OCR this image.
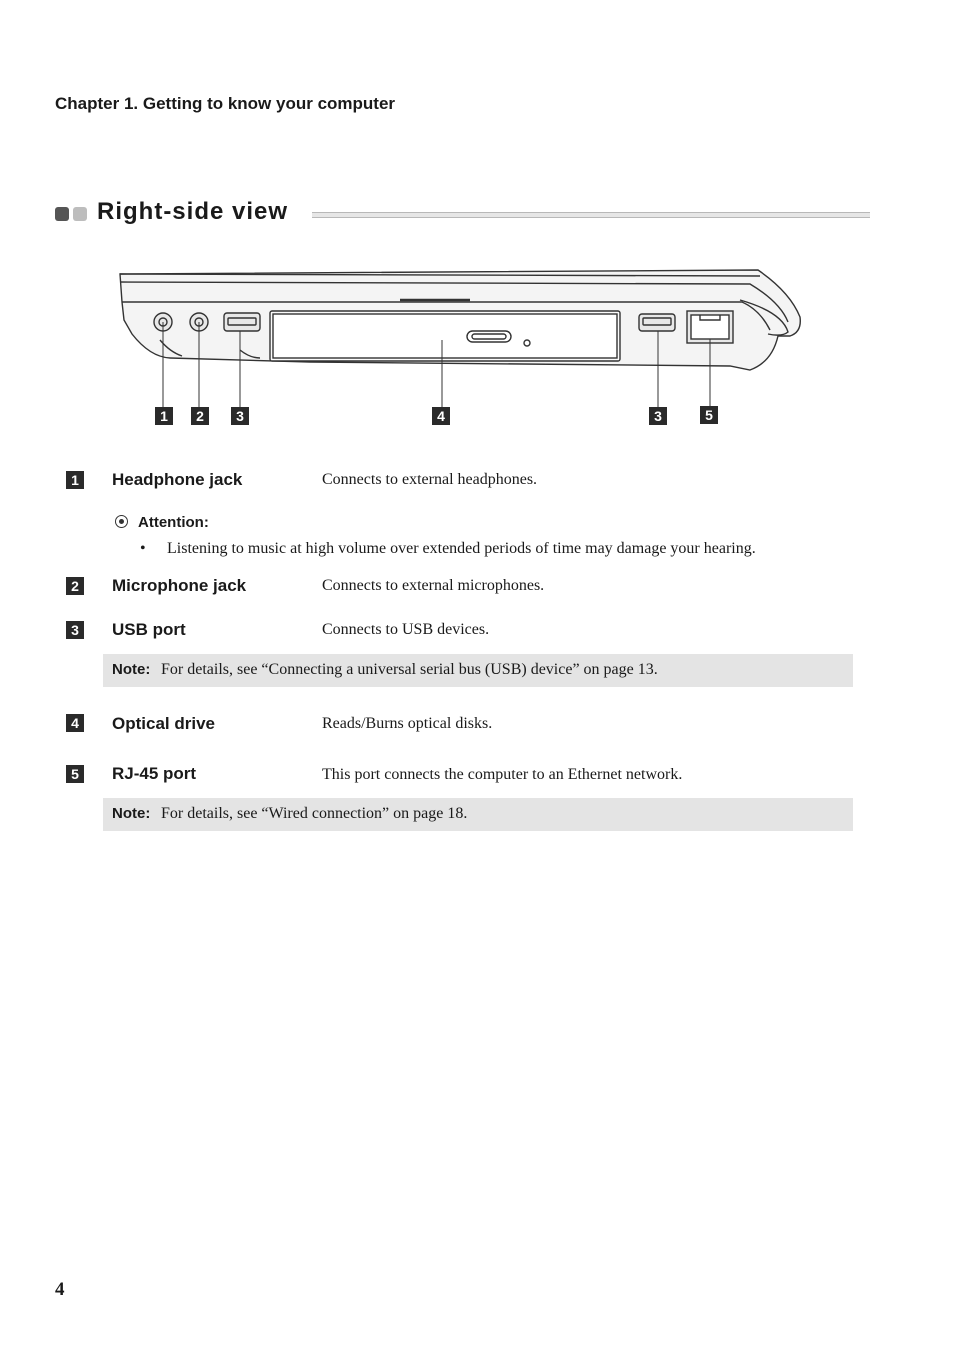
Chapter 1. Getting to know your computer
Right-side view
1	2	3	4	3	5
1	Headphone jack	Connects to external headphones.
Attention:
• Listening to music at high volume over extended periods of time may damage your hearing.
2	Microphone jack	Connects to external microphones.
3	USB port	Connects to USB devices.
Note: For details, see “Connecting a universal serial bus (USB) device” on page 13.
4	Optical drive	Reads/Burns optical disks.
5	RJ-45 port	This port connects the computer to an Ethernet network.
Note: For details, see “Wired connection” on page 18.
4
